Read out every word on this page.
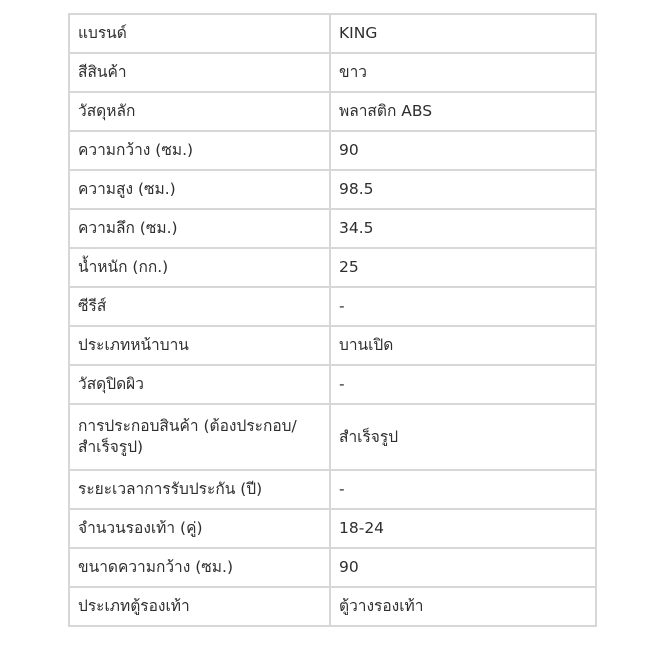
แบรนด์	KING
สีสินค้า	ขาว
วัสดุหลัก	พลาสติก ABS
ความกว้าง (ซม.)	90
ความสูง (ซม.)	98.5
ความลึก (ซม.)	34.5
น้ำหนัก (กก.)	25
ซีรีส์	-
ประเภทหน้าบาน	บานเปิด
วัสดุปิดผิว	-
การประกอบสินค้า (ต้องประกอบ/สำเร็จรูป)	สำเร็จรูป
ระยะเวลาการรับประกัน (ปี)	-
จำนวนรองเท้า (คู่)	18-24
ขนาดความกว้าง (ซม.)	90
ประเภทตู้รองเท้า	ตู้วางรองเท้า
